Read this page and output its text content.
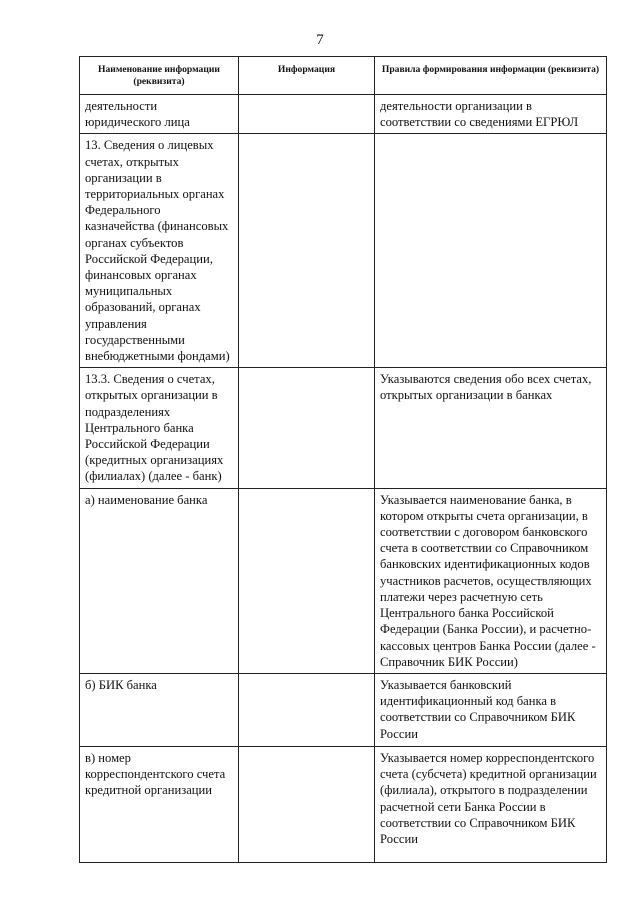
7
Наименование информации (реквизита)	Информация	Правила формирования информации (реквизита)
деятельности юридического лица		деятельности организации в соответствии со сведениями ЕГРЮЛ
13. Сведения о лицевых счетах, открытых организации в территориальных органах Федерального казначейства (финансовых органах субъектов Российской Федерации, финансовых органах муниципальных образований, органах управления государственными внебюджетными фондами)		
13.3. Сведения о счетах, открытых организации в подразделениях Центрального банка Российской Федерации (кредитных организациях (филиалах) (далее - банк)		Указываются сведения обо всех счетах, открытых организации в банках
а) наименование банка		Указывается наименование банка, в котором открыты счета организации, в соответствии с договором банковского счета в соответствии со Справочником банковских идентификационных кодов участников расчетов, осуществляющих платежи через расчетную сеть Центрального банка Российской Федерации (Банка России), и расчетно-кассовых центров Банка России (далее - Справочник БИК России)
б) БИК банка		Указывается банковский идентификационный код банка в соответствии со Справочником БИК России
в) номер корреспондентского счета кредитной организации		Указывается номер корреспондентского счета (субсчета) кредитной организации (филиала), открытого в подразделении расчетной сети Банка России в соответствии со Справочником БИК России
